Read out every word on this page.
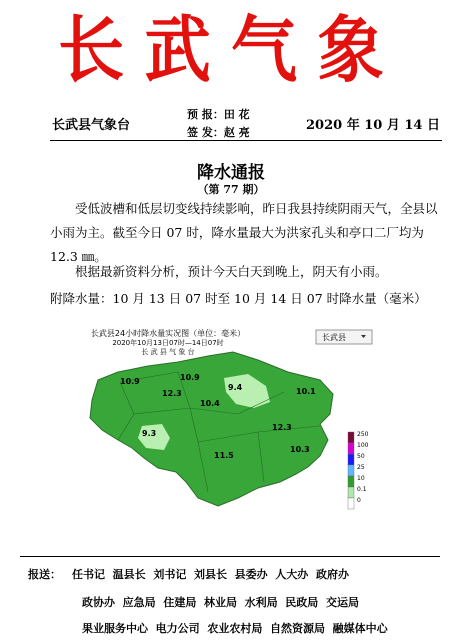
长武气象
长武县气象台
预 报：田 花
签 发：赵 亮	2020 年 10 月 14 日
降水通报
（第 77 期）
受低波槽和低层切变线持续影响，昨日我县持续阴雨天气，全县以小雨为主。截至今日 07 时，降水量最大为洪家孔头和亭口二厂均为 12.3 ㎜。
根据最新资料分析，预计今天白天到晚上，阴天有小雨。
附降水量：10 月 13 日 07 时至 10 月 14 日 07 时降水量（毫米）
长武县24小时降水量实况图（单位：毫米）
2020年10月13日07时—14日07时
长 武 县 气 象 台
长武县
10.9	10.9
12.3
10.4
9.4	10.1
9.3
11.5
12.3
10.3
250
100
50
25
10
0.1
0
报送： 任书记  温县长  刘书记  刘县长  县委办  人大办  政府办
政协办  应急局  住建局  林业局  水利局  民政局  交运局
果业服务中心  电力公司  农业农村局  自然资源局  融媒体中心
